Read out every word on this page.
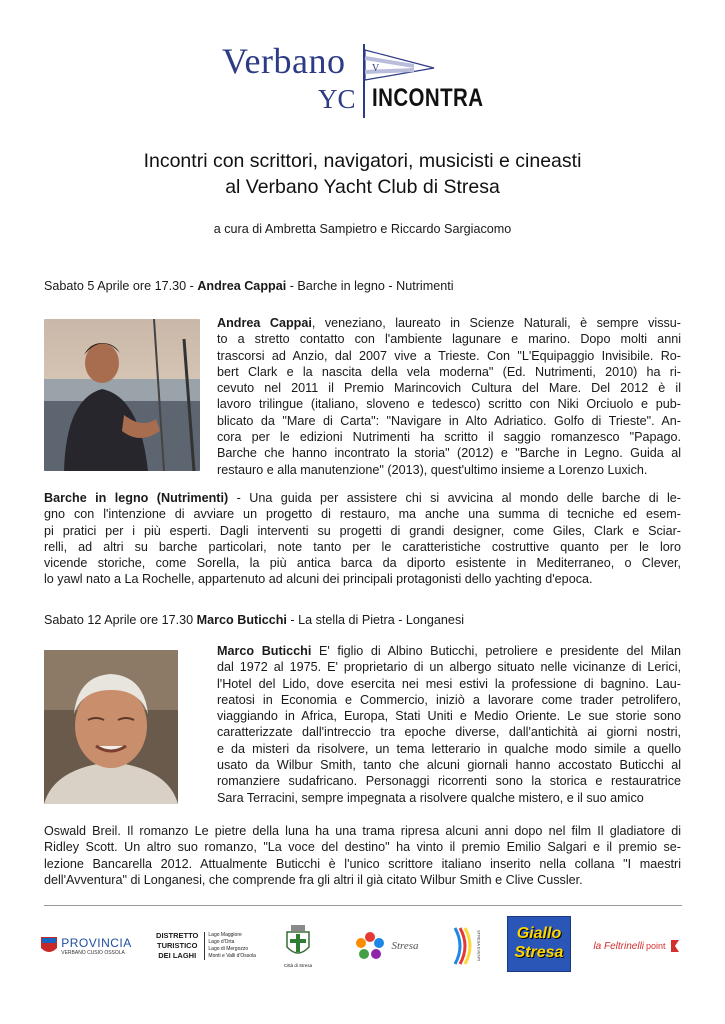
Verbano	V
YC INCONTRA
Incontri con scrittori, navigatori, musicisti e cineasti
al Verbano Yacht Club di Stresa
a cura di Ambretta Sampietro e Riccardo Sargiacomo
Sabato 5 Aprile ore 17.30 - Andrea Cappai - Barche in legno - Nutrimenti
Andrea Cappai, veneziano, laureato in Scienze Naturali, è sempre vissu-
to a stretto contatto con l'ambiente lagunare e marino. Dopo molti anni
trascorsi ad Anzio, dal 2007 vive a Trieste. Con "L'Equipaggio Invisibile. Ro-
bert Clark e la nascita della vela moderna" (Ed. Nutrimenti, 2010) ha ri-
cevuto nel 2011 il Premio Marincovich Cultura del Mare. Del 2012 è il
lavoro trilingue (italiano, sloveno e tedesco) scritto con Niki Orciuolo e pub-
blicato da "Mare di Carta": "Navigare in Alto Adriatico. Golfo di Trieste". An-
cora per le edizioni Nutrimenti ha scritto il saggio romanzesco "Papago.
Barche che hanno incontrato la storia" (2012) e "Barche in Legno. Guida al
restauro e alla manutenzione" (2013), quest'ultimo insieme a Lorenzo Luxich.
Barche in legno (Nutrimenti) - Una guida per assistere chi si avvicina al mondo delle barche di le-
gno con l'intenzione di avviare un progetto di restauro, ma anche una summa di tecniche ed esem-
pi pratici per i più esperti. Dagli interventi su progetti di grandi designer, come Giles, Clark e Sciar-
relli, ad altri su barche particolari, note tanto per le caratteristiche costruttive quanto per le loro
vicende storiche, come Sorella, la più antica barca da diporto esistente in Mediterraneo, o Clever,
lo yawl nato a La Rochelle, appartenuto ad alcuni dei principali protagonisti dello yachting d'epoca.
Sabato 12 Aprile ore 17.30 Marco Buticchi - La stella di Pietra - Longanesi
Marco Buticchi E' figlio di Albino Buticchi, petroliere e presidente del Milan
dal 1972 al 1975. E' proprietario di un albergo situato nelle vicinanze di Lerici,
l'Hotel del Lido, dove esercita nei mesi estivi la professione di bagnino. Lau-
reatosi in Economia e Commercio, iniziò a lavorare come trader petrolifero,
viaggiando in Africa, Europa, Stati Uniti e Medio Oriente. Le sue storie sono
caratterizzate dall'intreccio tra epoche diverse, dall'antichità ai giorni nostri,
e da misteri da risolvere, un tema letterario in qualche modo simile a quello
usato da Wilbur Smith, tanto che alcuni giornali hanno accostato Buticchi al
romanziere sudafricano. Personaggi ricorrenti sono la storica e restauratrice
Sara Terracini, sempre impegnata a risolvere qualche mistero, e il suo amico
Oswald Breil. Il romanzo Le pietre della luna ha una trama ripresa alcuni anni dopo nel film Il gladiatore di
Ridley Scott. Un altro suo romanzo, "La voce del destino" ha vinto il premio Emilio Salgari e il premio se-
lezione Bancarella 2012. Attualmente Buticchi è l'unico scrittore italiano inserito nella collana "I maestri
dell'Avventura" di Longanesi, che comprende fra gli altri il già citato Wilbur Smith e Clive Cussler.
PROVINCIA
VERBANO CUSIO OSSOLA
DISTRETTO
TURISTICO
DEI LAGHI
Lago Maggiore
Lago d'Orta
Lago di Mergozzo
Monti e Valli d'Ossola
Città di Stresa
Stresa	STRESA EVENTI	Giallo
Stresa	la Feltrinelli point
